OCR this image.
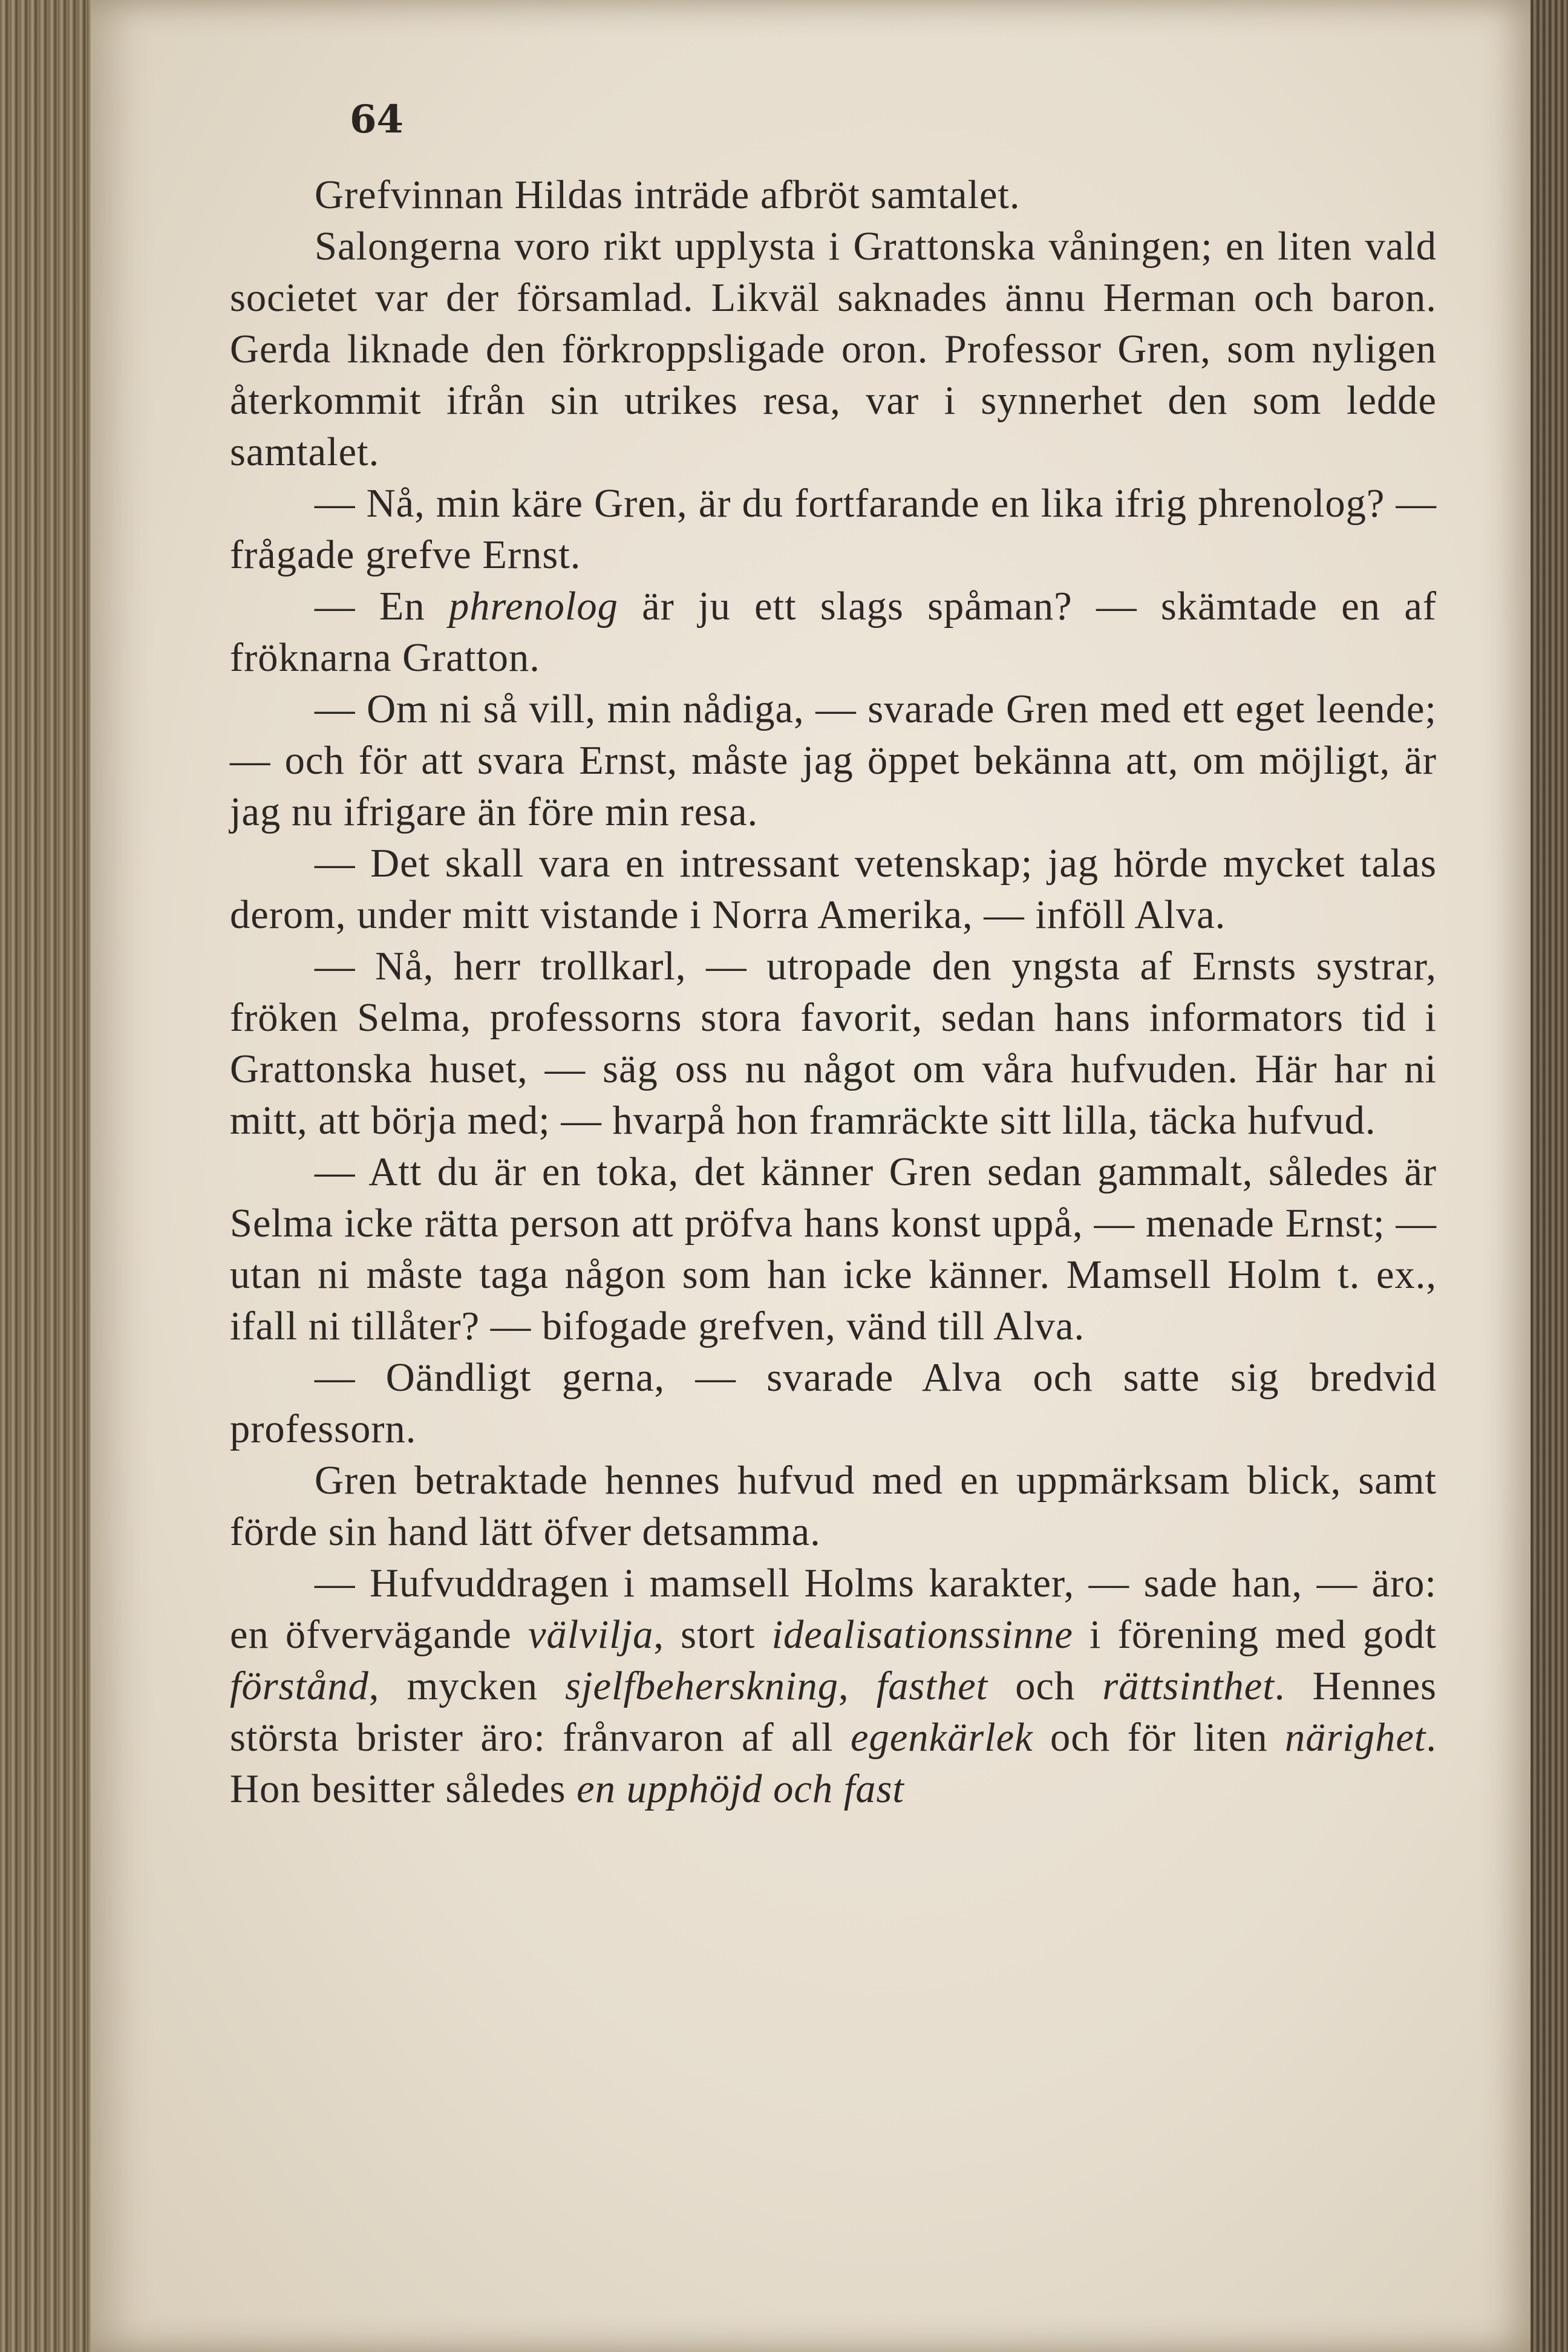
64

Grefvinnan Hildas inträde afbröt samtalet.

Salongerna voro rikt upplysta i Grattonska våningen; en liten vald societet var der församlad. Likväl saknades ännu Herman och baron. Gerda liknade den förkroppsligade oron. Professor Gren, som nyligen återkommit ifrån sin utrikes resa, var i synnerhet den som ledde samtalet.

— Nå, min käre Gren, är du fortfarande en lika ifrig phrenolog? — frågade grefve Ernst.

— En phrenolog är ju ett slags spåman? — skämtade en af fröknarna Gratton.

— Om ni så vill, min nådiga, — svarade Gren med ett eget leende; — och för att svara Ernst, måste jag öppet bekänna att, om möjligt, är jag nu ifrigare än före min resa.

— Det skall vara en intressant vetenskap; jag hörde mycket talas derom, under mitt vistande i Norra Amerika, — inföll Alva.

— Nå, herr trollkarl, — utropade den yngsta af Ernsts systrar, fröken Selma, professorns stora favorit, sedan hans informators tid i Grattonska huset, — säg oss nu något om våra hufvuden. Här har ni mitt, att börja med; — hvarpå hon framräckte sitt lilla, täcka hufvud.

— Att du är en toka, det känner Gren sedan gammalt, således är Selma icke rätta person att pröfva hans konst uppå, — menade Ernst; — utan ni måste taga någon som han icke känner. Mamsell Holm t. ex., ifall ni tillåter? — bifogade grefven, vänd till Alva.

— Oändligt gerna, — svarade Alva och satte sig bredvid professorn.

Gren betraktade hennes hufvud med en uppmärksam blick, samt förde sin hand lätt öfver detsamma.

— Hufvuddragen i mamsell Holms karakter, — sade han, — äro: en öfvervägande välvilja, stort idealisationssinne i förening med godt förstånd, mycken sjelfbeherskning, fasthet och rättsinthet. Hennes största brister äro: frånvaron af all egenkärlek och för liten närighet. Hon besitter således en upphöjd och fast
